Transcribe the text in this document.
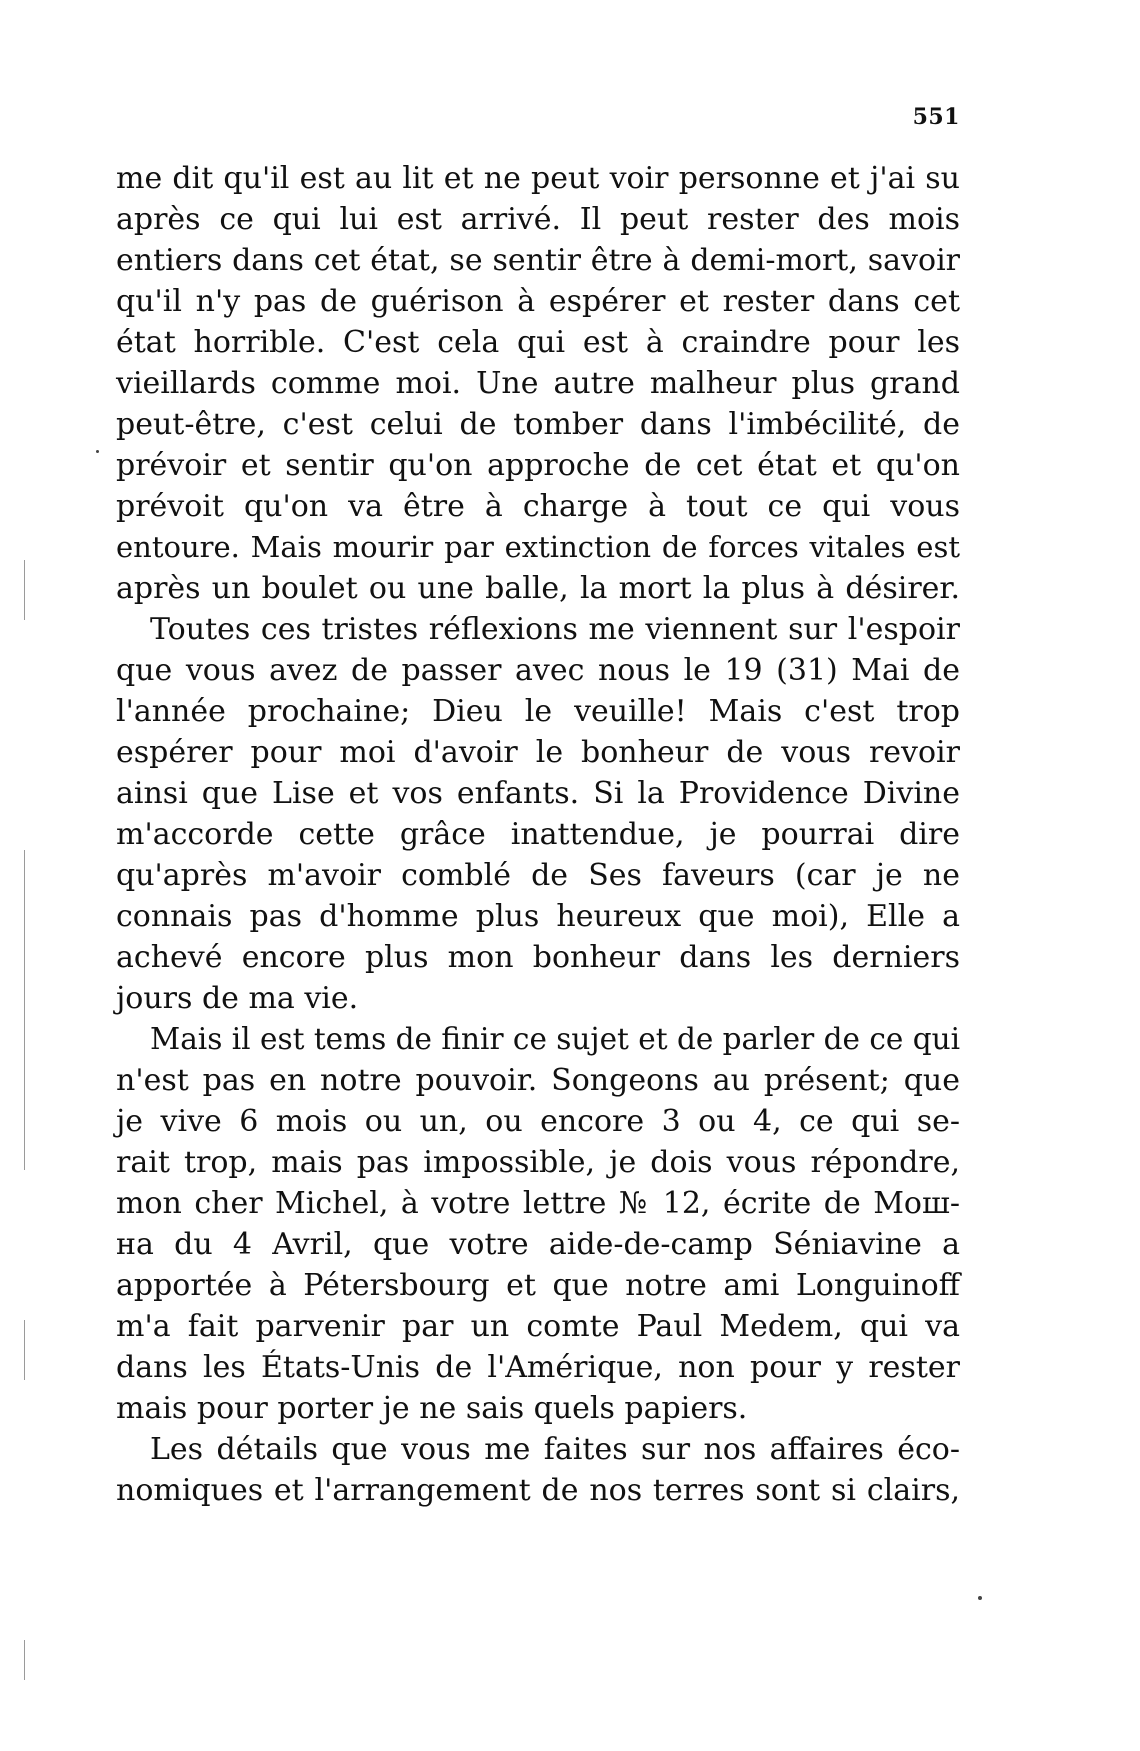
551
me dit qu'il est au lit et ne peut voir personne et j'ai su
après ce qui lui est arrivé. Il peut rester des mois
entiers dans cet état, se sentir être à demi-mort, savoir
qu'il n'y pas de guérison à espérer et rester dans cet
état horrible. C'est cela qui est à craindre pour les
vieillards comme moi. Une autre malheur plus grand
peut-être, c'est celui de tomber dans l'imbécilité, de
prévoir et sentir qu'on approche de cet état et qu'on
prévoit qu'on va être à charge à tout ce qui vous
entoure. Mais mourir par extinction de forces vitales est
après un boulet ou une balle, la mort la plus à désirer.
Toutes ces tristes réflexions me viennent sur l'espoir
que vous avez de passer avec nous le 19 (31) Mai de
l'année prochaine; Dieu le veuille! Mais c'est trop
espérer pour moi d'avoir le bonheur de vous revoir
ainsi que Lise et vos enfants. Si la Providence Divine
m'accorde cette grâce inattendue, je pourrai dire
qu'après m'avoir comblé de Ses faveurs (car je ne
connais pas d'homme plus heureux que moi), Elle a
achevé encore plus mon bonheur dans les derniers
jours de ma vie.
Mais il est tems de finir ce sujet et de parler de ce qui
n'est pas en notre pouvoir. Songeons au présent; que
je vive 6 mois ou un, ou encore 3 ou 4, ce qui se-
rait trop, mais pas impossible, je dois vous répondre,
mon cher Michel, à votre lettre № 12, écrite de Мош-
на du 4 Avril, que votre aide-de-camp Séniavine a
apportée à Pétersbourg et que notre ami Longuinoff
m'a fait parvenir par un comte Paul Medem, qui va
dans les États-Unis de l'Amérique, non pour y rester
mais pour porter je ne sais quels papiers.
Les détails que vous me faites sur nos affaires éco-
nomiques et l'arrangement de nos terres sont si clairs,
